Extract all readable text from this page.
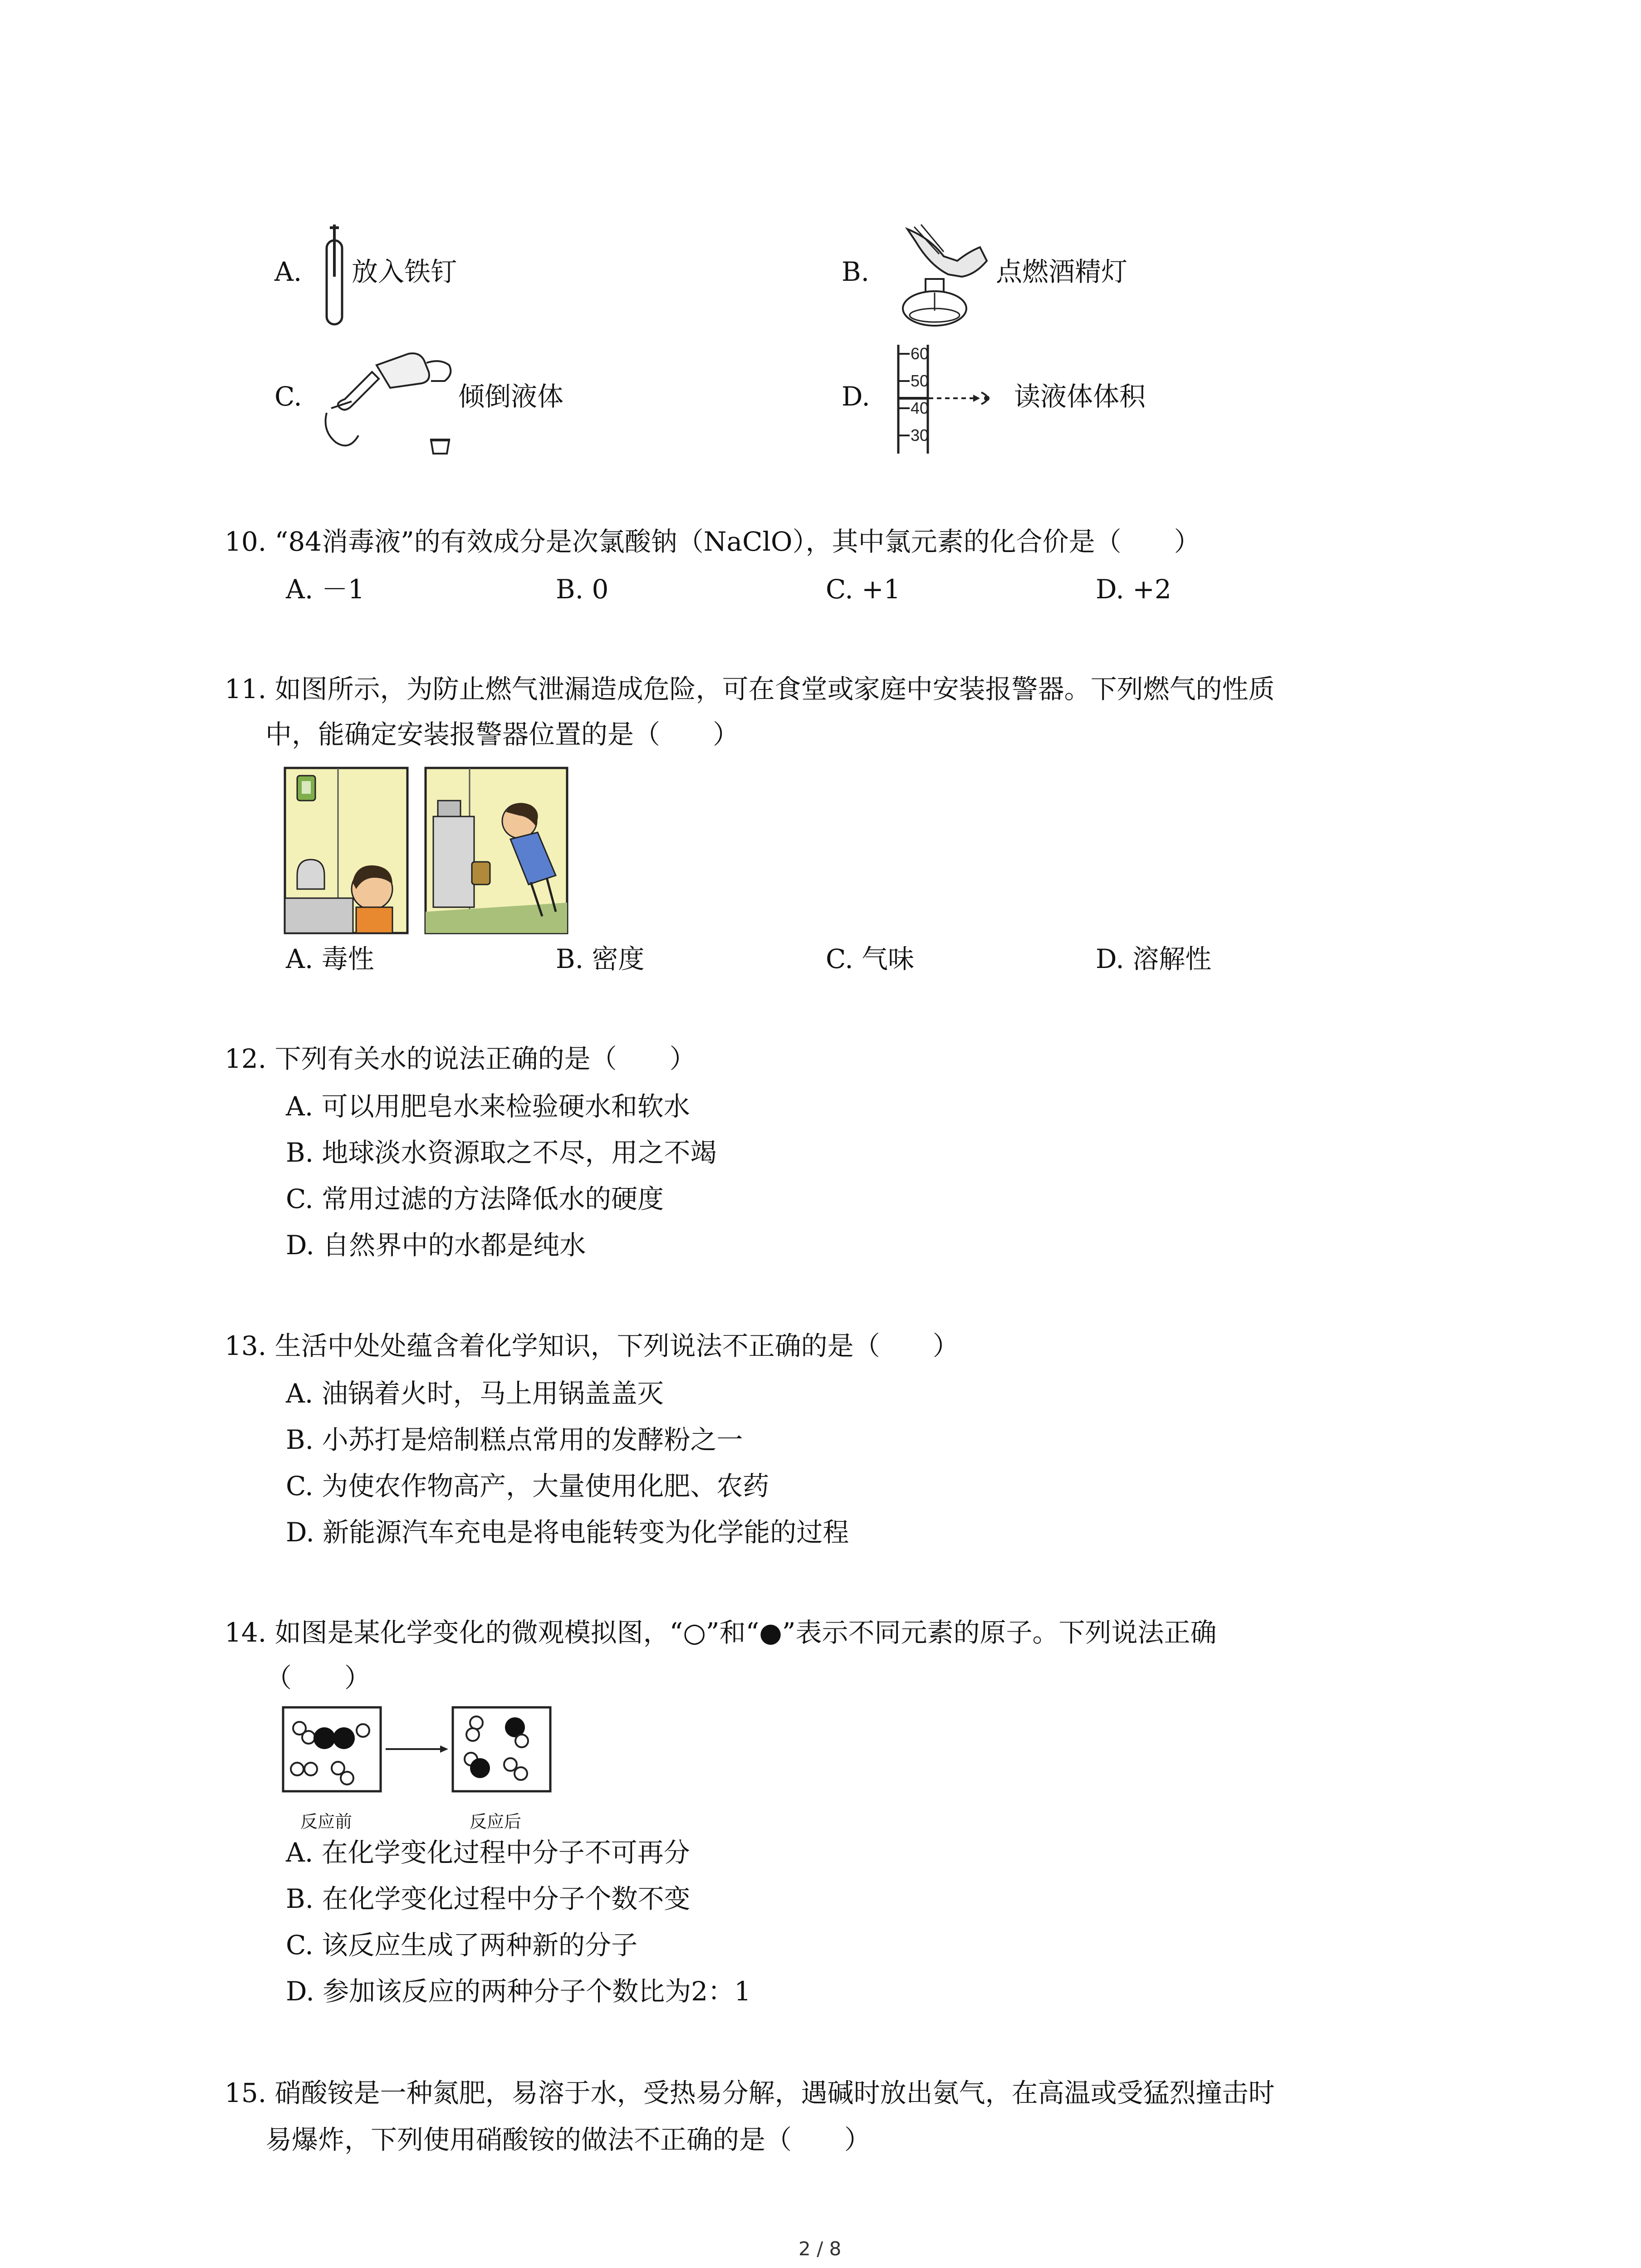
A. 放入铁钉	B.	点燃酒精灯
C.	倾倒液体	D.
60
50
40
30
读液体体积
10. “84消毒液”的有效成分是次氯酸钠（NaClO），其中氯元素的化合价是（　　）
A. －1	B. 0	C. +1	D. +2
11. 如图所示，为防止燃气泄漏造成危险，可在食堂或家庭中安装报警器。下列燃气的性质
中，能确定安装报警器位置的是（　　）
A. 毒性	B. 密度	C. 气味	D. 溶解性
12. 下列有关水的说法正确的是（　　）
A. 可以用肥皂水来检验硬水和软水
B. 地球淡水资源取之不尽，用之不竭
C. 常用过滤的方法降低水的硬度
D. 自然界中的水都是纯水
13. 生活中处处蕴含着化学知识，下列说法不正确的是（　　）
A. 油锅着火时，马上用锅盖盖灭
B. 小苏打是焙制糕点常用的发酵粉之一
C. 为使农作物高产，大量使用化肥、农药
D. 新能源汽车充电是将电能转变为化学能的过程
14. 如图是某化学变化的微观模拟图，“○”和“●”表示不同元素的原子。下列说法正确
（　　）
反应前	反应后
A. 在化学变化过程中分子不可再分
B. 在化学变化过程中分子个数不变
C. 该反应生成了两种新的分子
D. 参加该反应的两种分子个数比为2：1
15. 硝酸铵是一种氮肥，易溶于水，受热易分解，遇碱时放出氨气，在高温或受猛烈撞击时
易爆炸，下列使用硝酸铵的做法不正确的是（　　）
2 / 8
